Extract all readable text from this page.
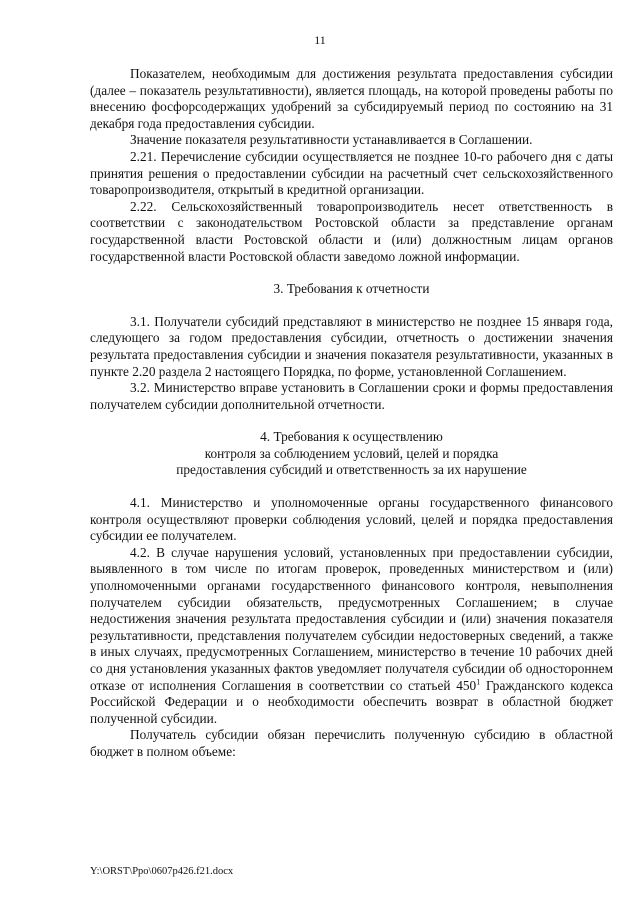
11

Показателем, необходимым для достижения результата предоставления субсидии (далее – показатель результативности), является площадь, на которой проведены работы по внесению фосфорсодержащих удобрений за субсидируемый период по состоянию на 31 декабря года предоставления субсидии.

Значение показателя результативности устанавливается в Соглашении.

2.21. Перечисление субсидии осуществляется не позднее 10-го рабочего дня с даты принятия решения о предоставлении субсидии на расчетный счет сельскохозяйственного товаропроизводителя, открытый в кредитной организации.

2.22. Сельскохозяйственный товаропроизводитель несет ответственность в соответствии с законодательством Ростовской области за представление органам государственной власти Ростовской области и (или) должностным лицам органов государственной власти Ростовской области заведомо ложной информации.

3. Требования к отчетности

3.1. Получатели субсидий представляют в министерство не позднее 15 января года, следующего за годом предоставления субсидии, отчетность о достижении значения результата предоставления субсидии и значения показателя результативности, указанных в пункте 2.20 раздела 2 настоящего Порядка, по форме, установленной Соглашением.

3.2. Министерство вправе установить в Соглашении сроки и формы предоставления получателем субсидии дополнительной отчетности.

4. Требования к осуществлению

контроля за соблюдением условий, целей и порядка

предоставления субсидий и ответственность за их нарушение

4.1. Министерство и уполномоченные органы государственного финансового контроля осуществляют проверки соблюдения условий, целей и порядка предоставления субсидии ее получателем.

4.2. В случае нарушения условий, установленных при предоставлении субсидии, выявленного в том числе по итогам проверок, проведенных министерством и (или) уполномоченными органами государственного финансового контроля, невыполнения получателем субсидии обязательств, предусмотренных Соглашением; в случае недостижения значения результата предоставления субсидии и (или) значения показателя результативности, представления получателем субсидии недостоверных сведений, а также в иных случаях, предусмотренных Соглашением, министерство в течение 10 рабочих дней со дня установления указанных фактов уведомляет получателя субсидии об одностороннем отказе от исполнения Соглашения в соответствии со статьей $450^1$ Гражданского кодекса Российской Федерации и о необходимости обеспечить возврат в областной бюджет полученной субсидии.

Получатель субсидии обязан перечислить полученную субсидию в областной бюджет в полном объеме:

Y:\ORST\Ppo\0607p426.f21.docx
